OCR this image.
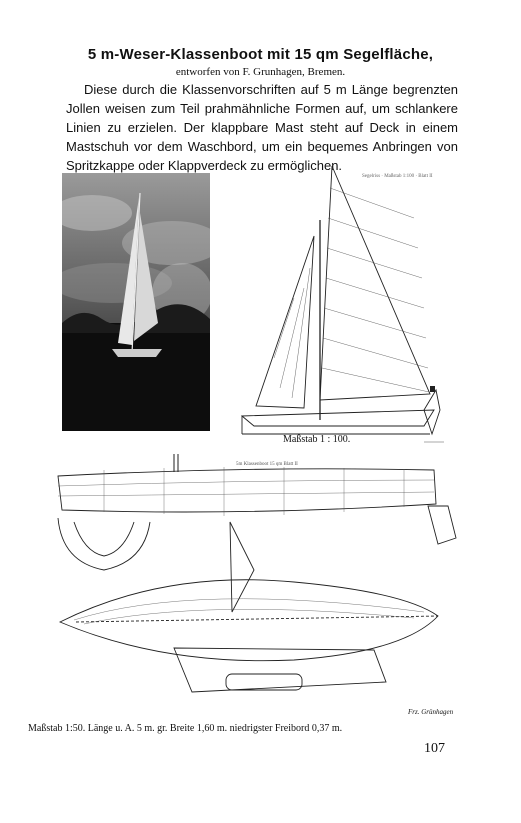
5 m-Weser-Klassenboot mit 15 qm Segelfläche,
entworfen von F. Grunhagen, Bremen.

Diese durch die Klassenvorschriften auf 5 m Länge begrenzten Jollen weisen zum Teil prahmähnliche Formen auf, um schlankere Linien zu erzielen. Der klappbare Mast steht auf Deck in einem Mastschuh vor dem Waschbord, um ein bequemes Anbringen von Spritzkappe oder Klappverdeck zu ermöglichen.

Segelriss · Maßstab 1:100 · Blatt II
Maßstab 1 : 100.
5m Klassenboot 15 qm Blatt II
Frz. Grünhagen
Maßstab 1:50. Länge u. A. 5 m. gr. Breite 1,60 m. niedrigster Freibord 0,37 m.
107
